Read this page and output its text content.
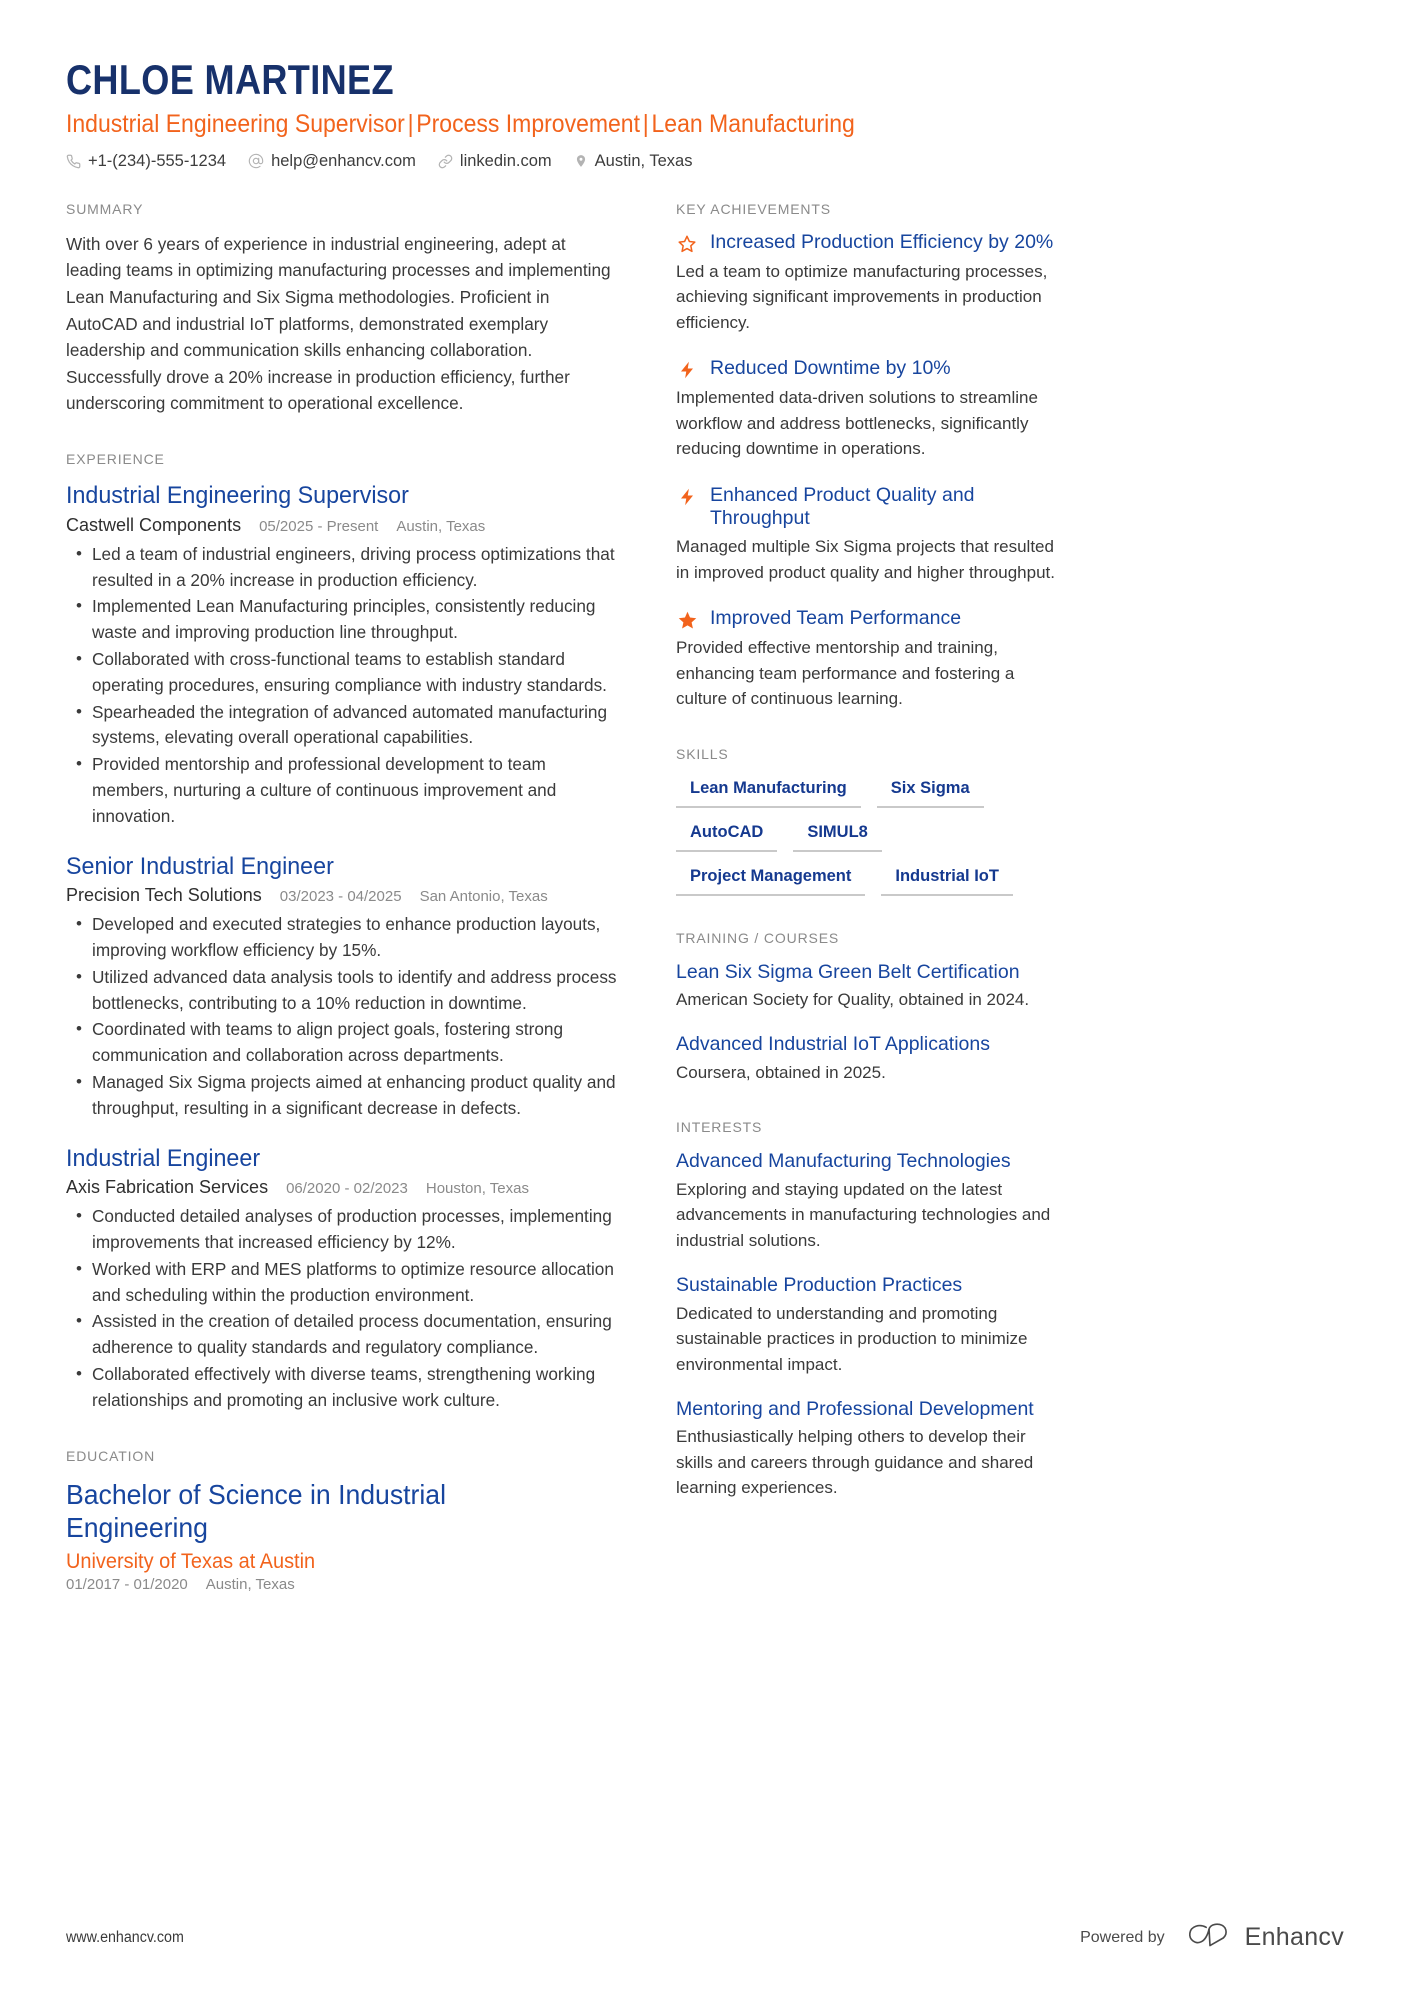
CHLOE MARTINEZ
Industrial Engineering Supervisor | Process Improvement | Lean Manufacturing
+1-(234)-555-1234	help@enhancv.com	linkedin.com	Austin, Texas
SUMMARY
With over 6 years of experience in industrial engineering, adept at leading teams in optimizing manufacturing processes and implementing Lean Manufacturing and Six Sigma methodologies. Proficient in AutoCAD and industrial IoT platforms, demonstrated exemplary leadership and communication skills enhancing collaboration. Successfully drove a 20% increase in production efficiency, further underscoring commitment to operational excellence.
EXPERIENCE
Industrial Engineering Supervisor
Castwell Components 05/2025 - Present Austin, Texas
• Led a team of industrial engineers, driving process optimizations that resulted in a 20% increase in production efficiency.
• Implemented Lean Manufacturing principles, consistently reducing waste and improving production line throughput.
• Collaborated with cross-functional teams to establish standard operating procedures, ensuring compliance with industry standards.
• Spearheaded the integration of advanced automated manufacturing systems, elevating overall operational capabilities.
• Provided mentorship and professional development to team members, nurturing a culture of continuous improvement and innovation.
Senior Industrial Engineer
Precision Tech Solutions 03/2023 - 04/2025 San Antonio, Texas
• Developed and executed strategies to enhance production layouts, improving workflow efficiency by 15%.
• Utilized advanced data analysis tools to identify and address process bottlenecks, contributing to a 10% reduction in downtime.
• Coordinated with teams to align project goals, fostering strong communication and collaboration across departments.
• Managed Six Sigma projects aimed at enhancing product quality and throughput, resulting in a significant decrease in defects.
Industrial Engineer
Axis Fabrication Services 06/2020 - 02/2023 Houston, Texas
• Conducted detailed analyses of production processes, implementing improvements that increased efficiency by 12%.
• Worked with ERP and MES platforms to optimize resource allocation and scheduling within the production environment.
• Assisted in the creation of detailed process documentation, ensuring adherence to quality standards and regulatory compliance.
• Collaborated effectively with diverse teams, strengthening working relationships and promoting an inclusive work culture.
EDUCATION
Bachelor of Science in Industrial Engineering
University of Texas at Austin
01/2017 - 01/2020 Austin, Texas
KEY ACHIEVEMENTS
Increased Production Efficiency by 20%
Led a team to optimize manufacturing processes, achieving significant improvements in production efficiency.
Reduced Downtime by 10%
Implemented data-driven solutions to streamline workflow and address bottlenecks, significantly reducing downtime in operations.
Enhanced Product Quality and Throughput
Managed multiple Six Sigma projects that resulted in improved product quality and higher throughput.
Improved Team Performance
Provided effective mentorship and training, enhancing team performance and fostering a culture of continuous learning.
SKILLS
Lean Manufacturing	Six Sigma
AutoCAD	SIMUL8
Project Management	Industrial IoT
TRAINING / COURSES
Lean Six Sigma Green Belt Certification
American Society for Quality, obtained in 2024.
Advanced Industrial IoT Applications
Coursera, obtained in 2025.
INTERESTS
Advanced Manufacturing Technologies
Exploring and staying updated on the latest advancements in manufacturing technologies and industrial solutions.
Sustainable Production Practices
Dedicated to understanding and promoting sustainable practices in production to minimize environmental impact.
Mentoring and Professional Development
Enthusiastically helping others to develop their skills and careers through guidance and shared learning experiences.
www.enhancv.com	Powered by	Enhancv
